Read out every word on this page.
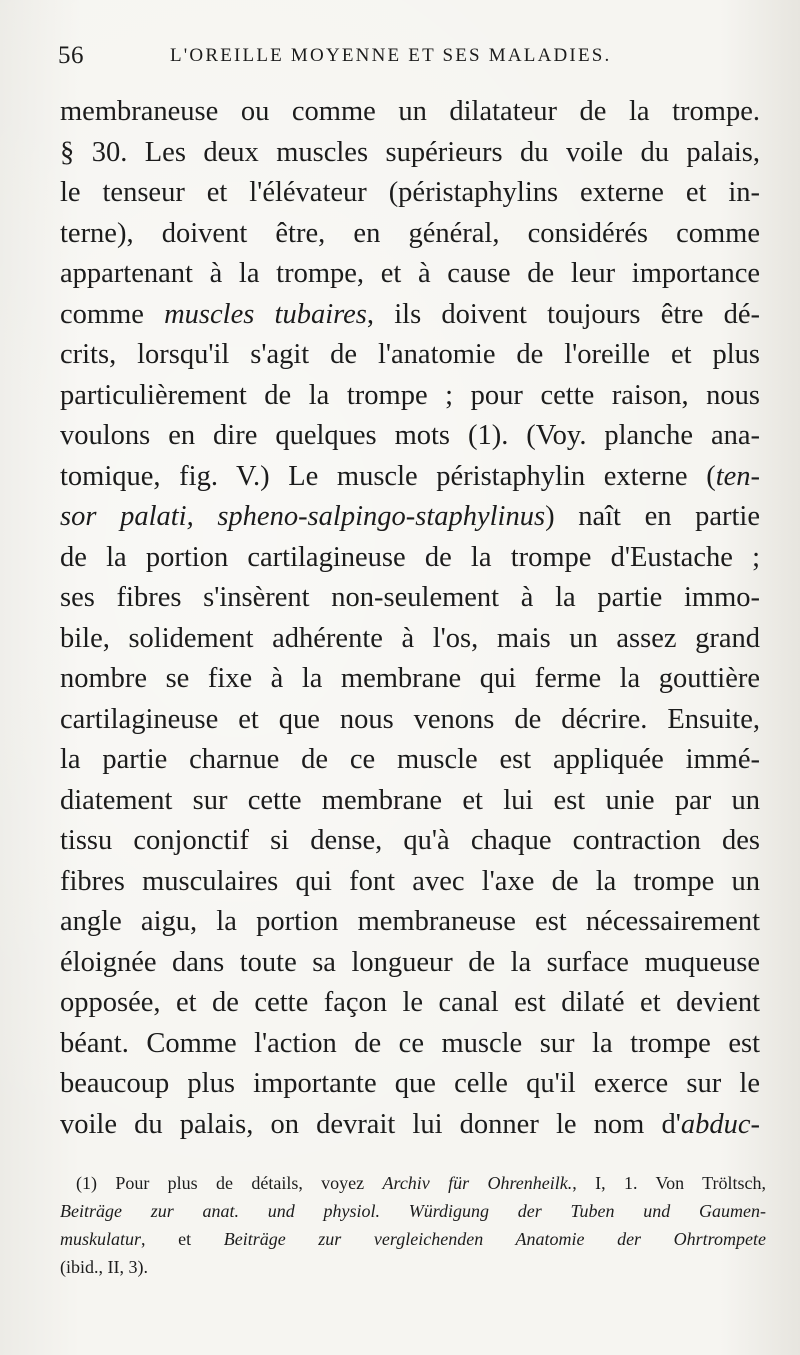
56	L'OREILLE MOYENNE ET SES MALADIES.
membraneuse ou comme un dilatateur de la trompe.
§ 30. Les deux muscles supérieurs du voile du palais,
le tenseur et l'élévateur (péristaphylins externe et in-
terne), doivent être, en général, considérés comme
appartenant à la trompe, et à cause de leur importance
comme muscles tubaires, ils doivent toujours être dé-
crits, lorsqu'il s'agit de l'anatomie de l'oreille et plus
particulièrement de la trompe ; pour cette raison, nous
voulons en dire quelques mots (1). (Voy. planche ana-
tomique, fig. V.) Le muscle péristaphylin externe (ten-
sor palati, spheno-salpingo-staphylinus) naît en partie
de la portion cartilagineuse de la trompe d'Eustache ;
ses fibres s'insèrent non-seulement à la partie immo-
bile, solidement adhérente à l'os, mais un assez grand
nombre se fixe à la membrane qui ferme la gouttière
cartilagineuse et que nous venons de décrire. Ensuite,
la partie charnue de ce muscle est appliquée immé-
diatement sur cette membrane et lui est unie par un
tissu conjonctif si dense, qu'à chaque contraction des
fibres musculaires qui font avec l'axe de la trompe un
angle aigu, la portion membraneuse est nécessairement
éloignée dans toute sa longueur de la surface muqueuse
opposée, et de cette façon le canal est dilaté et devient
béant. Comme l'action de ce muscle sur la trompe est
beaucoup plus importante que celle qu'il exerce sur le
voile du palais, on devrait lui donner le nom d'abduc-
(1) Pour plus de détails, voyez Archiv für Ohrenheilk., I, 1. Von Tröltsch,
Beiträge zur anat. und physiol. Würdigung der Tuben und Gaumen-
muskulatur, et Beiträge zur vergleichenden Anatomie der Ohrtrompete
(ibid., II, 3).
